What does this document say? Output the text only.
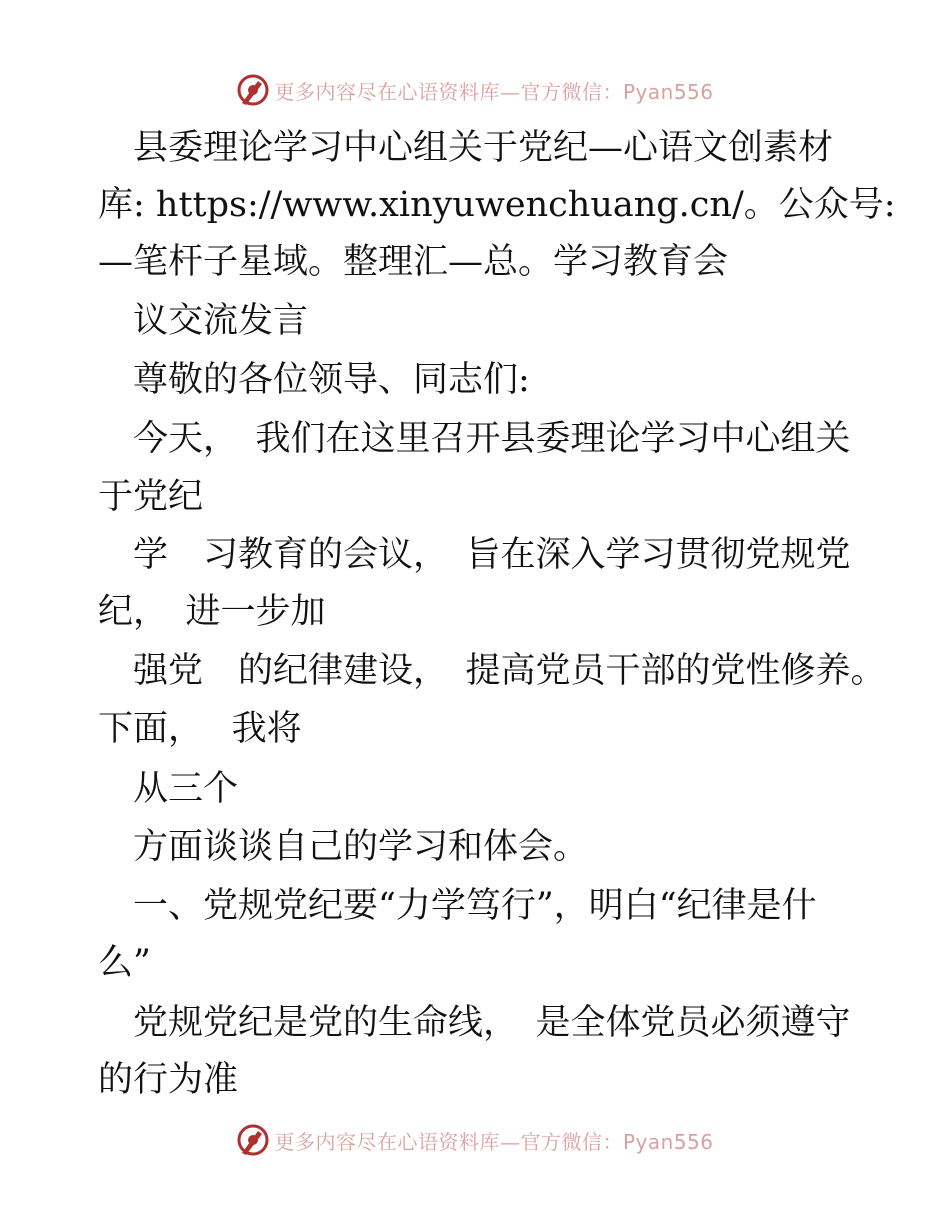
更多内容尽在心语资料库—官方微信：Pyan556
　县委理论学习中心组关于党纪—心语文创素材
库: https://www.xinyuwenchuang.cn/。公众号:
—笔杆子星域。整理汇—总。学习教育会
　议交流发言
　尊敬的各位领导、同志们:
　今天，　我们在这里召开县委理论学习中心组关
于党纪
　学　习教育的会议，　旨在深入学习贯彻党规党
纪，　进一步加
　强党　的纪律建设，　提高党员干部的党性修养。
下面，　 我将
　从三个
　方面谈谈自己的学习和体会。
　一、党规党纪要“力学笃行”，明白“纪律是什
么”
　党规党纪是党的生命线，　是全体党员必须遵守
的行为准
更多内容尽在心语资料库—官方微信：Pyan556
